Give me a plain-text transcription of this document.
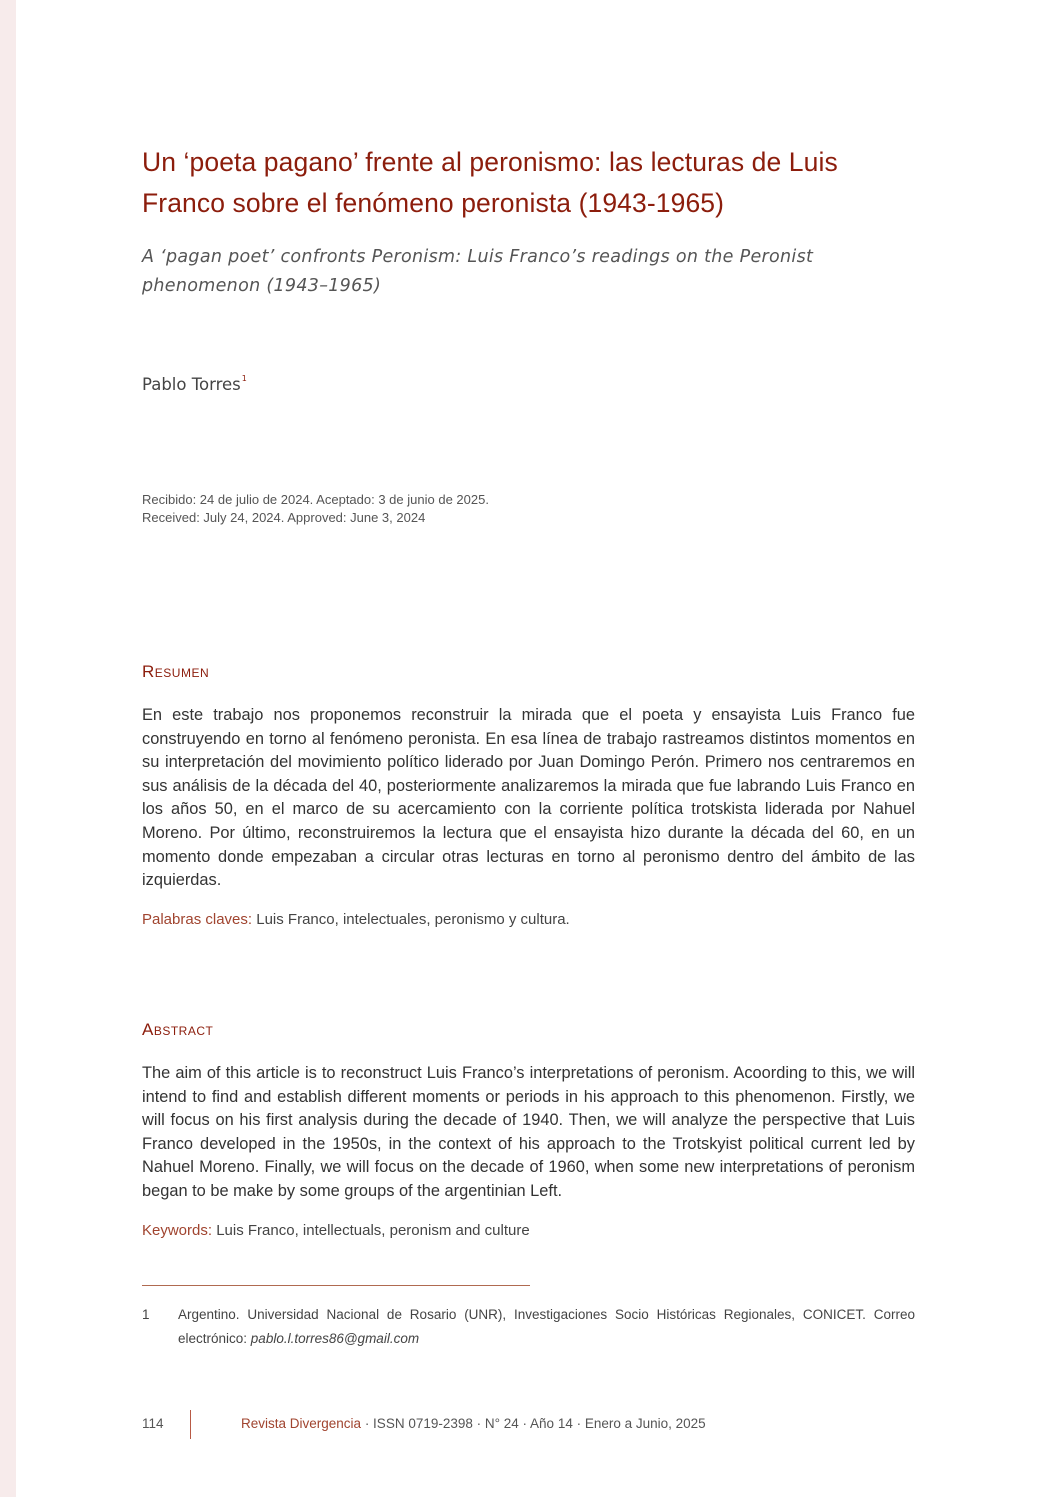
Un ‘poeta pagano’ frente al peronismo: las lecturas de Luis Franco sobre el fenómeno peronista (1943-1965)

A ‘pagan poet’ confronts Peronism: Luis Franco’s readings on the Peronist phenomenon (1943–1965)

Pablo Torres$^1$
Recibido: 24 de julio de 2024. Aceptado: 3 de junio de 2025.
Received: July 24, 2024. Approved: June 3, 2024
Resumen

En este trabajo nos proponemos reconstruir la mirada que el poeta y ensayista Luis Franco fue construyendo en torno al fenómeno peronista. En esa línea de trabajo rastreamos distintos momentos en su interpretación del movimiento político liderado por Juan Domingo Perón. Primero nos centraremos en sus análisis de la década del 40, posteriormente analizaremos la mirada que fue labrando Luis Franco en los años 50, en el marco de su acercamiento con la corriente política trotskista liderada por Nahuel Moreno. Por último, reconstruiremos la lectura que el ensayista hizo durante la década del 60, en un momento donde empezaban a circular otras lecturas en torno al peronismo dentro del ámbito de las izquierdas.

Palabras claves: Luis Franco, intelectuales, peronismo y cultura.
Abstract

The aim of this article is to reconstruct Luis Franco’s interpretations of peronism. Acoording to this, we will intend to find and establish different moments or periods in his approach to this phenomenon. Firstly, we will focus on his first analysis during the decade of 1940. Then, we will analyze the perspective that Luis Franco developed in the 1950s, in the context of his approach to the Trotskyist political current led by Nahuel Moreno. Finally, we will focus on the decade of 1960, when some new interpretations of peronism began to be make by some groups of the argentinian Left.

Keywords: Luis Franco, intellectuals, peronism and culture
1 Argentino. Universidad Nacional de Rosario (UNR), Investigaciones Socio Históricas Regionales, CONICET. Correo electrónico: pablo.l.torres86@gmail.com
114	Revista Divergencia · ISSN 0719-2398 · N° 24 · Año 14 · Enero a Junio, 2025
